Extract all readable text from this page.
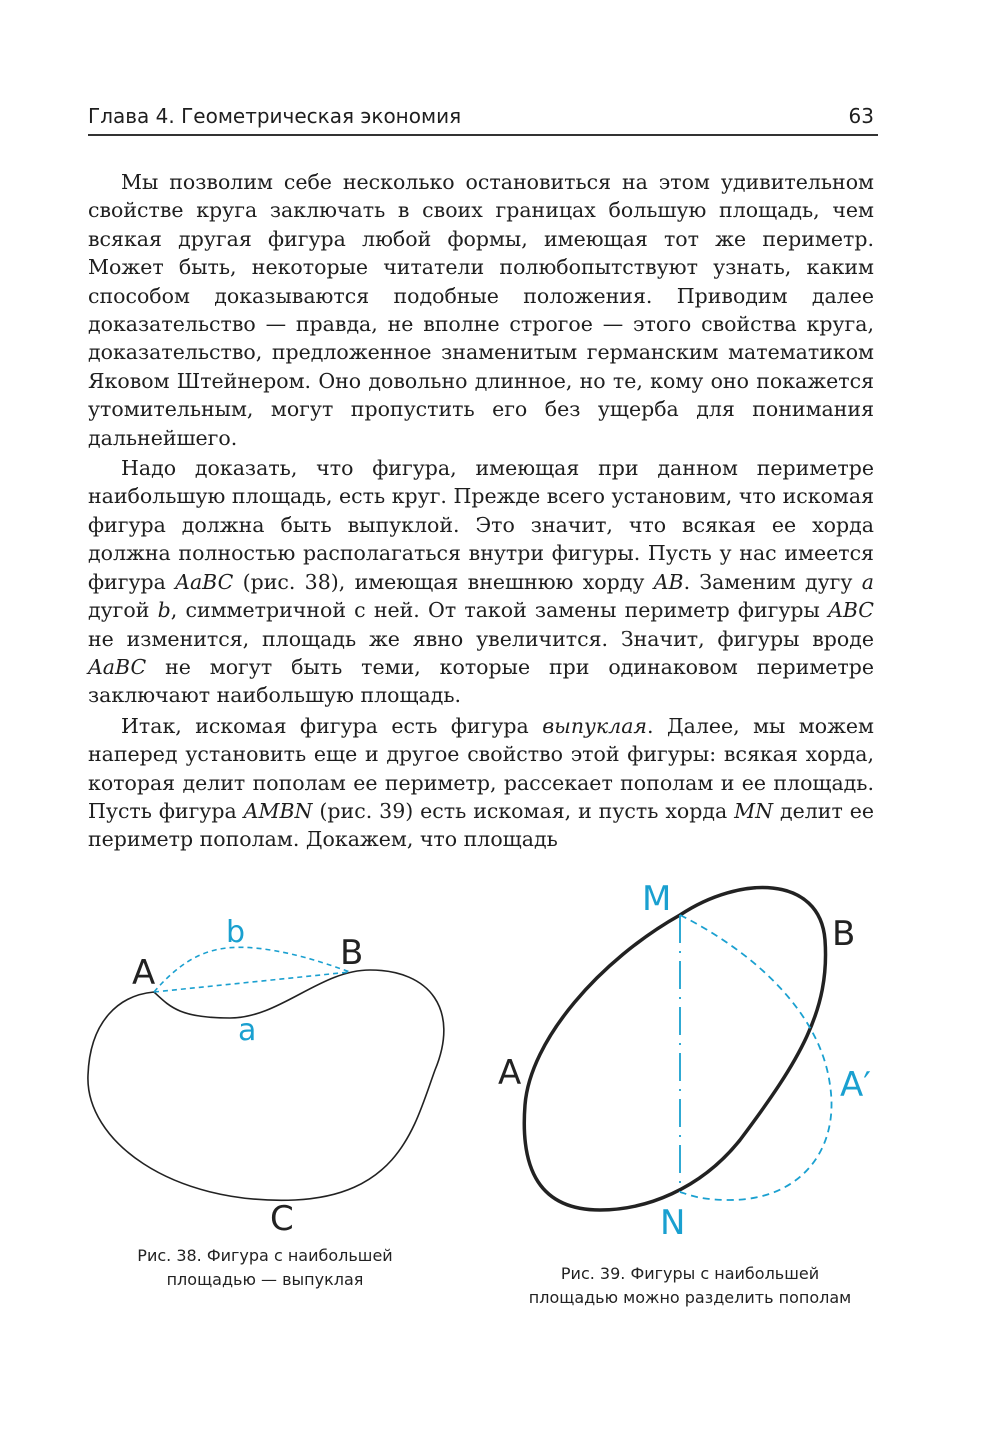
Глава 4. Геометрическая экономия	63

Мы позволим себе несколько остановиться на этом удивительном свойстве круга заключать в своих границах большую площадь, чем всякая другая фигура любой формы, имеющая тот же периметр. Может быть, некоторые читатели полюбопытствуют узнать, каким способом доказываются подобные положения. Приводим далее доказательство — правда, не вполне строгое — этого свойства круга, доказательство, предложенное знаменитым германским математиком Яковом Штейнером. Оно довольно длинное, но те, кому оно покажется утомительным, могут пропустить его без ущерба для понимания дальнейшего.

Надо доказать, что фигура, имеющая при данном периметре наибольшую площадь, есть круг. Прежде всего установим, что искомая фигура должна быть выпуклой. Это значит, что всякая ее хорда должна полностью располагаться внутри фигуры. Пусть у нас имеется фигура AaBC (рис. 38), имеющая внешнюю хорду AB. Заменим дугу a дугой b, симметричной с ней. От такой замены периметр фигуры ABC не изменится, площадь же явно увеличится. Значит, фигуры вроде AaBC не могут быть теми, которые при одинаковом периметре заключают наибольшую площадь.

Итак, искомая фигура есть фигура выпуклая. Далее, мы можем наперед установить еще и другое свойство этой фигуры: всякая хорда, которая делит пополам ее периметр, рассекает пополам и ее площадь. Пусть фигура AMBN (рис. 39) есть искомая, и пусть хорда MN делит ее периметр пополам. Докажем, что площадь

A	B
b
a
C
Рис. 38. Фигура с наибольшей
площадью — выпуклая
M
B
A	A′
N
Рис. 39. Фигуры с наибольшей
площадью можно разделить пополам
